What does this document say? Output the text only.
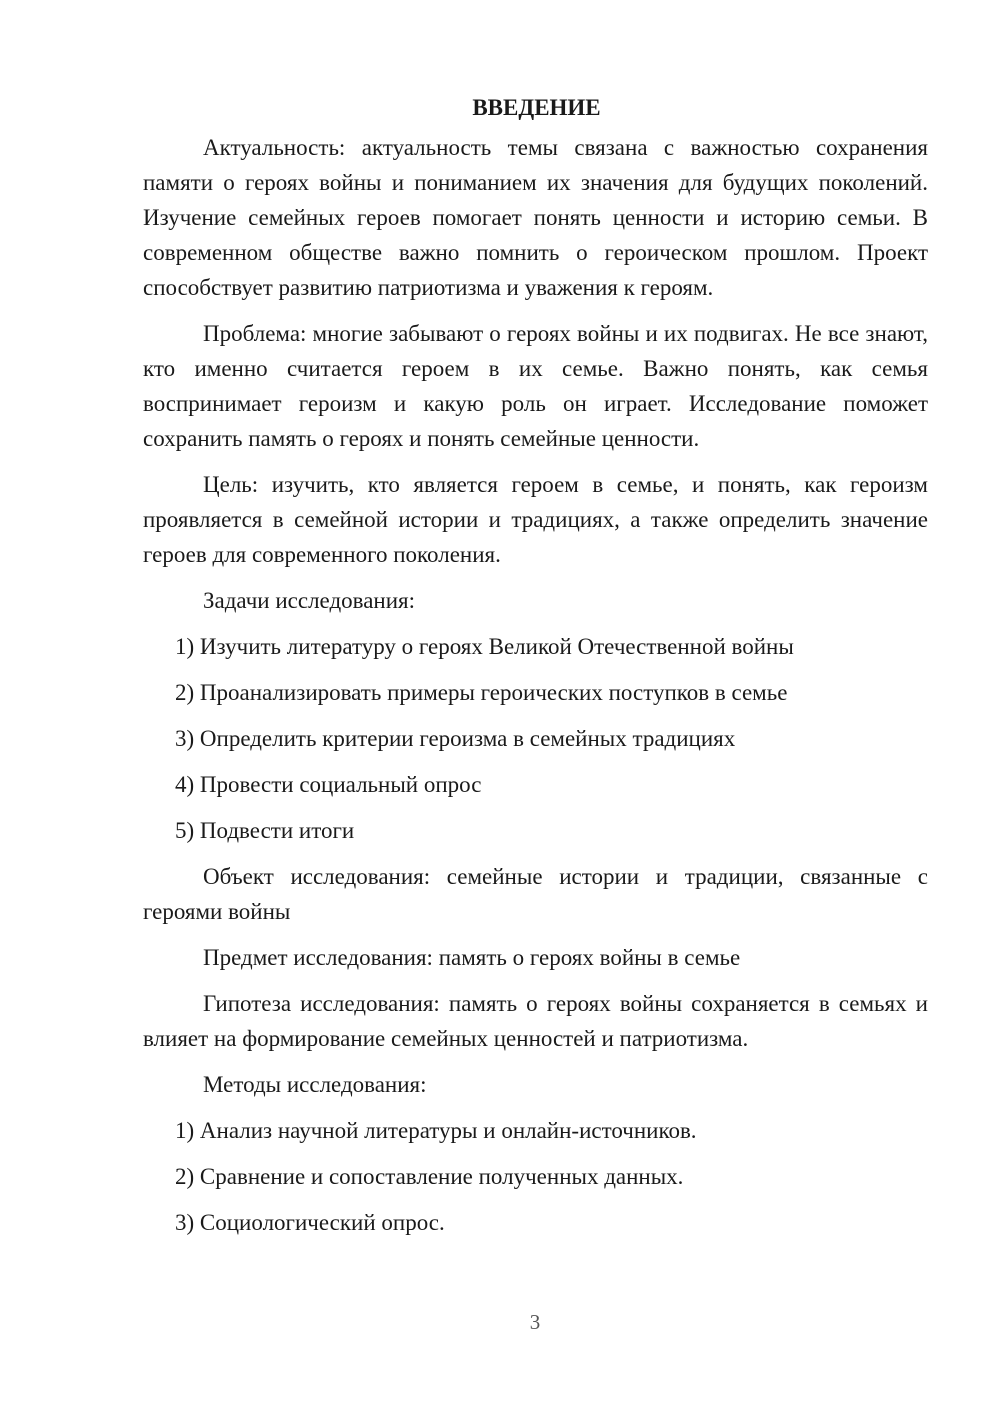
ВВЕДЕНИЕ

Актуальность: актуальность темы связана с важностью сохранения памяти о героях войны и пониманием их значения для будущих поколений. Изучение семейных героев помогает понять ценности и историю семьи. В современном обществе важно помнить о героическом прошлом. Проект способствует развитию патриотизма и уважения к героям.

Проблема: многие забывают о героях войны и их подвигах. Не все знают, кто именно считается героем в их семье. Важно понять, как семья воспринимает героизм и какую роль он играет. Исследование поможет сохранить память о героях и понять семейные ценности.

Цель: изучить, кто является героем в семье, и понять, как героизм проявляется в семейной истории и традициях, а также определить значение героев для современного поколения.

Задачи исследования:

1) Изучить литературу о героях Великой Отечественной войны
2) Проанализировать примеры героических поступков в семье
3) Определить критерии героизма в семейных традициях
4) Провести социальный опрос
5) Подвести итоги

Объект исследования: семейные истории и традиции, связанные с героями войны

Предмет исследования: память о героях войны в семье

Гипотеза исследования: память о героях войны сохраняется в семьях и влияет на формирование семейных ценностей и патриотизма.

Методы исследования:

1) Анализ научной литературы и онлайн-источников.
2) Сравнение и сопоставление полученных данных.
3) Социологический опрос.
3
